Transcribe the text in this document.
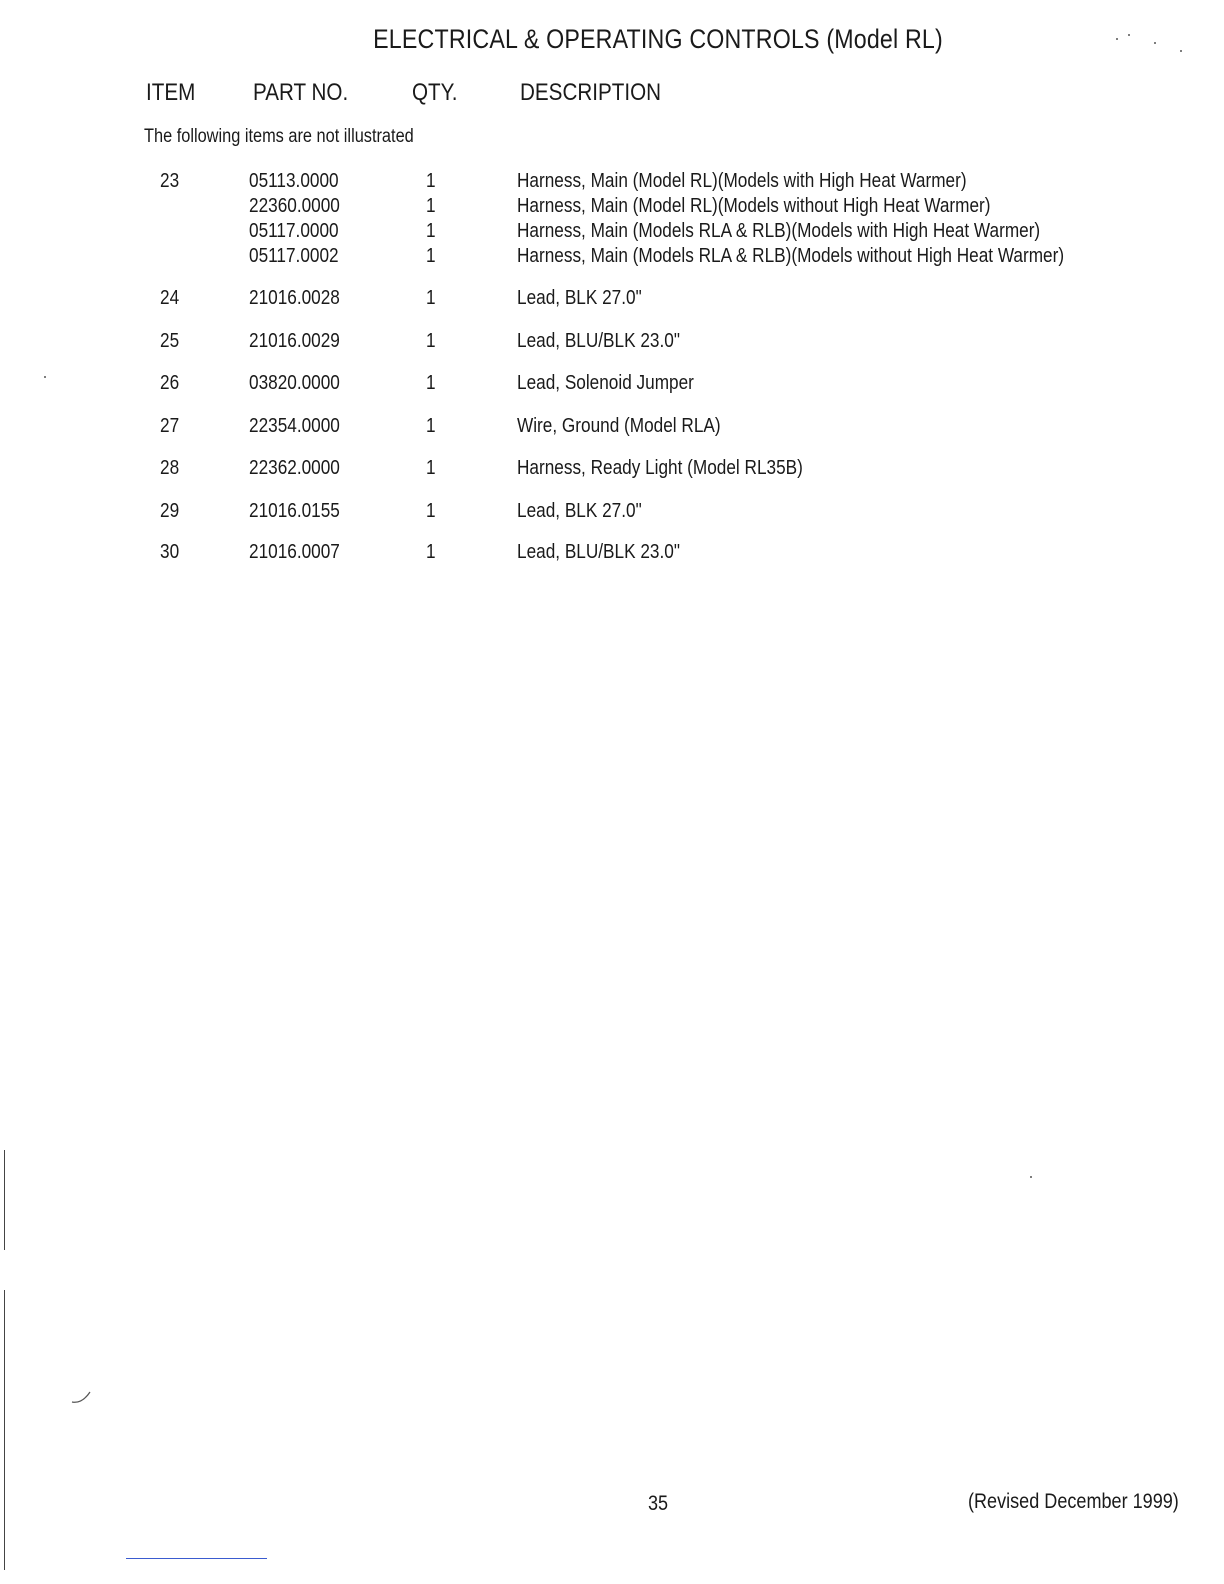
ELECTRICAL & OPERATING CONTROLS (Model RL)
ITEM PART NO.	QTY.	DESCRIPTION
The following items are not illustrated
23	05113.0000	1	Harness, Main (Model RL)(Models with High Heat Warmer)
22360.0000	1	Harness, Main (Model RL)(Models without High Heat Warmer)
05117.0000	1	Harness, Main (Models RLA & RLB)(Models with High Heat Warmer)
05117.0002	1	Harness, Main (Models RLA & RLB)(Models without High Heat Warmer)
24	21016.0028	1	Lead, BLK 27.0"
25	21016.0029	1	Lead, BLU/BLK 23.0"
26	03820.0000	1	Lead, Solenoid Jumper
27	22354.0000	1	Wire, Ground (Model RLA)
28	22362.0000	1	Harness, Ready Light (Model RL35B)
29	21016.0155	1	Lead, BLK 27.0"
30	21016.0007	1	Lead, BLU/BLK 23.0"
35	(Revised December 1999)
